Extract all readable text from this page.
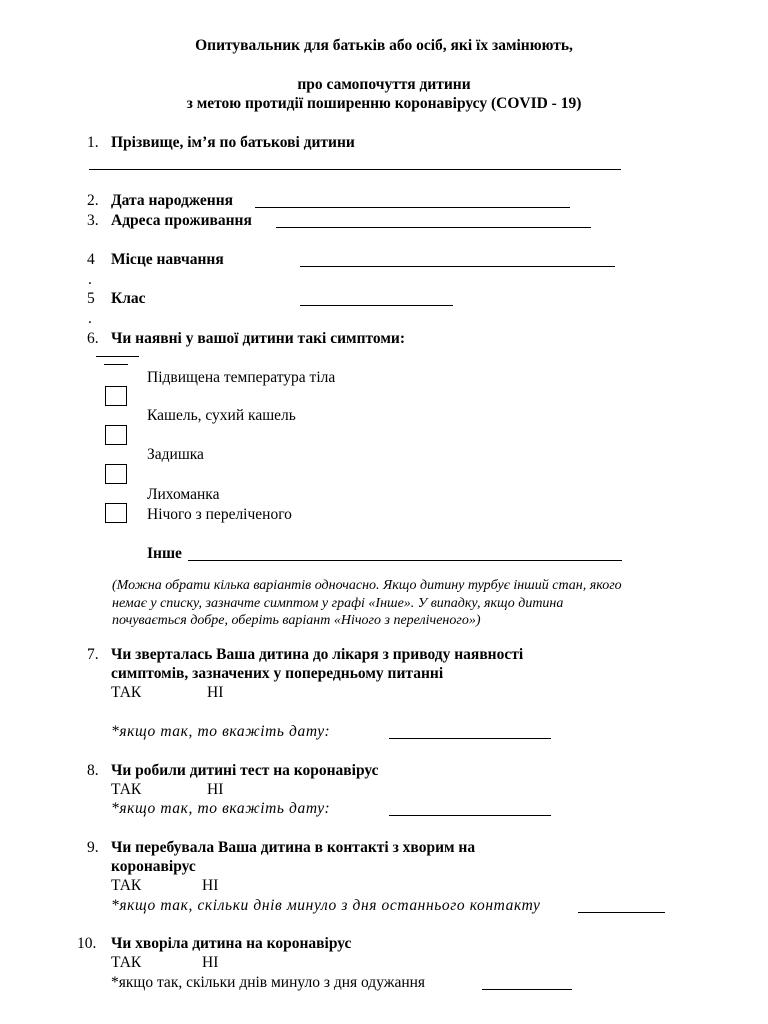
Опитувальник для батьків або осіб, які їх замінюють,
про самопочуття дитини
з метою протидії поширенню коронавірусу (COVID - 19)
1. Прізвище, ім’я по батькові дитини
2. Дата народження
3. Адреса проживання
4
.
Місце навчання
5
.
Клас
6. Чи наявні у вашої дитини такі симптоми:
Підвищена температура тіла
Кашель, сухий кашель
Задишка
Лихоманка
Нічого з переліченого
Інше
(Можна обрати кілька варіантів одночасно. Якщо дитину турбує інший стан, якого
немає у списку, зазначте симптом у графі «Інше». У випадку, якщо дитина
почувається добре, оберіть варіант «Нічого з переліченого»)
7. Чи зверталась Ваша дитина до лікаря з приводу наявності
симптомів, зазначених у попередньому питанні
ТАК	НІ
*якщо так, то вкажіть дату:
8. Чи робили дитині тест на коронавірус
ТАК	НІ
*якщо так, то вкажіть дату:
9. Чи перебувала Ваша дитина в контакті з хворим на
коронавірус
ТАК	НІ
*якщо так, скільки днів минуло з дня останнього контакту
10. Чи хворіла дитина на коронавірус
ТАК	НІ
*якщо так, скільки днів минуло з дня одужання
